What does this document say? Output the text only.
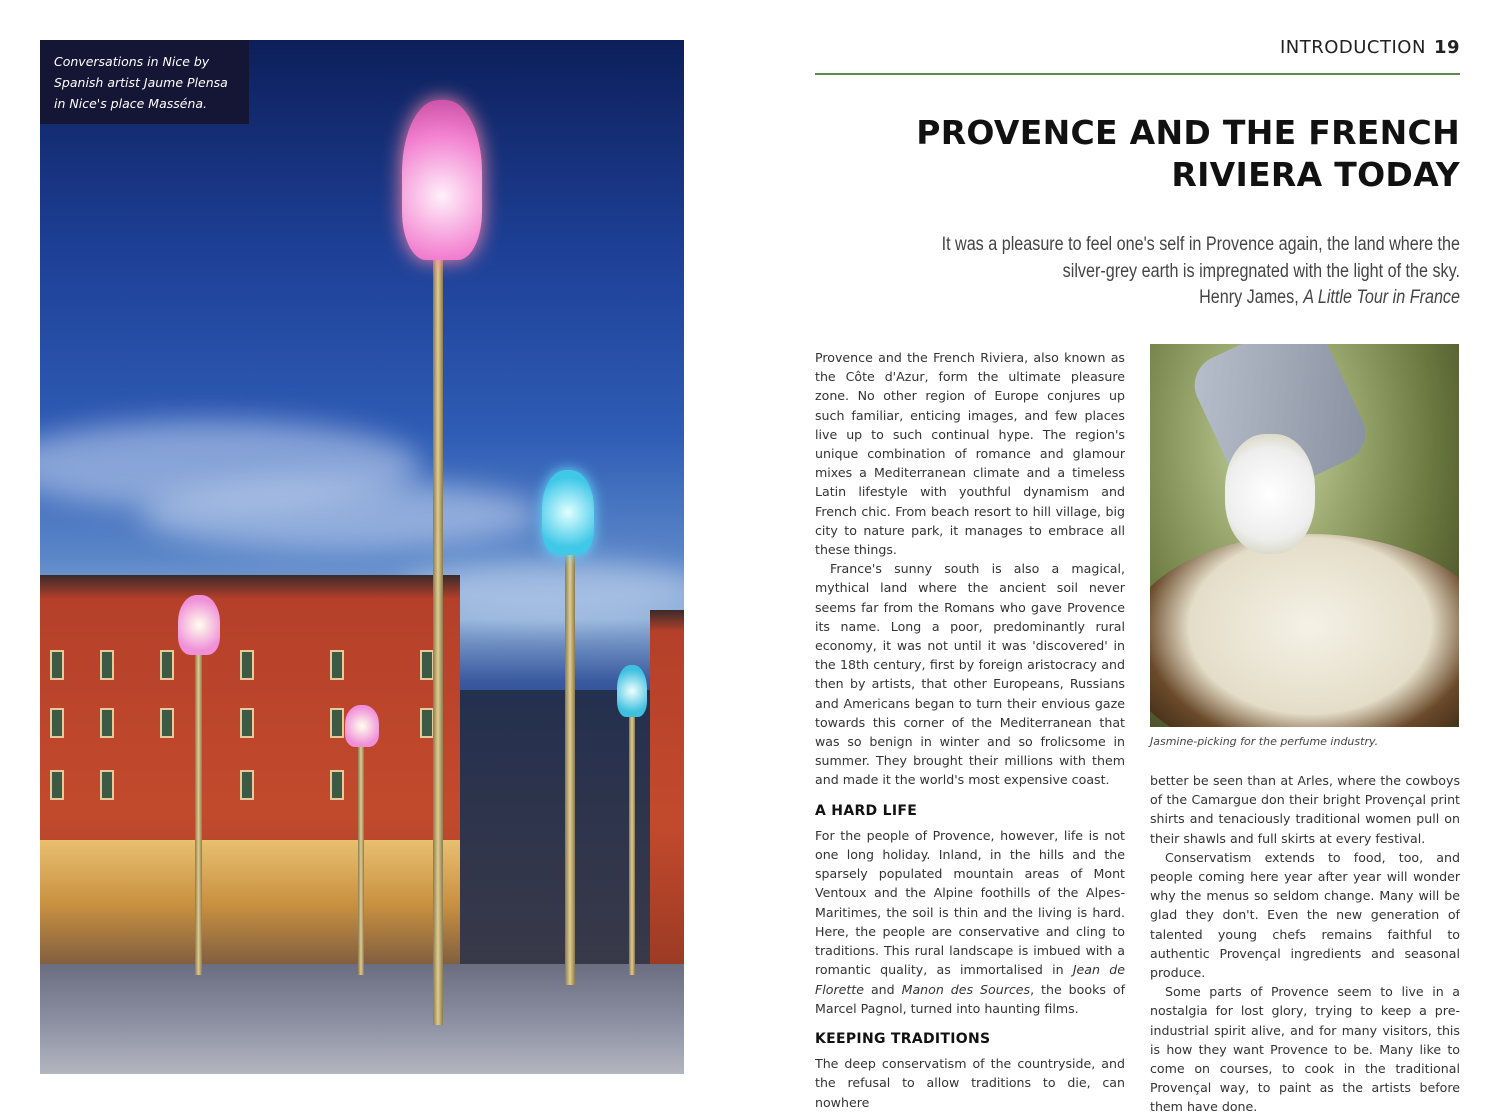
Conversations in Nice by Spanish artist Jaume Plensa in Nice's place Masséna.
INTRODUCTION 19
PROVENCE AND THE FRENCH RIVIERA TODAY
It was a pleasure to feel one's self in Provence again, the land where the silver-grey earth is impregnated with the light of the sky.
Henry James, A Little Tour in France

Provence and the French Riviera, also known as the Côte d'Azur, form the ultimate pleasure zone. No other region of Europe conjures up such familiar, enticing images, and few places live up to such continual hype. The region's unique combination of romance and glamour mixes a Mediterranean climate and a timeless Latin lifestyle with youthful dynamism and French chic. From beach resort to hill village, big city to nature park, it manages to embrace all these things.

France's sunny south is also a magical, mythical land where the ancient soil never seems far from the Romans who gave Provence its name. Long a poor, predominantly rural economy, it was not until it was 'discovered' in the 18th century, first by foreign aristocracy and then by artists, that other Europeans, Russians and Americans began to turn their envious gaze towards this corner of the Mediterranean that was so benign in winter and so frolicsome in summer. They brought their millions with them and made it the world's most expensive coast.

A HARD LIFE

For the people of Provence, however, life is not one long holiday. Inland, in the hills and the sparsely populated mountain areas of Mont Ventoux and the Alpine foothills of the Alpes-Maritimes, the soil is thin and the living is hard. Here, the people are conservative and cling to traditions. This rural landscape is imbued with a romantic quality, as immortalised in Jean de Florette and Manon des Sources, the books of Marcel Pagnol, turned into haunting films.

KEEPING TRADITIONS

The deep conservatism of the countryside, and the refusal to allow traditions to die, can nowhere

Jasmine-picking for the perfume industry.

better be seen than at Arles, where the cowboys of the Camargue don their bright Provençal print shirts and tenaciously traditional women pull on their shawls and full skirts at every festival.

Conservatism extends to food, too, and people coming here year after year will wonder why the menus so seldom change. Many will be glad they don't. Even the new generation of talented young chefs remains faithful to authentic Provençal ingredients and seasonal produce.

Some parts of Provence seem to live in a nostalgia for lost glory, trying to keep a pre-industrial spirit alive, and for many visitors, this is how they want Provence to be. Many like to come on courses, to cook in the traditional Provençal way, to paint as the artists before them have done.
